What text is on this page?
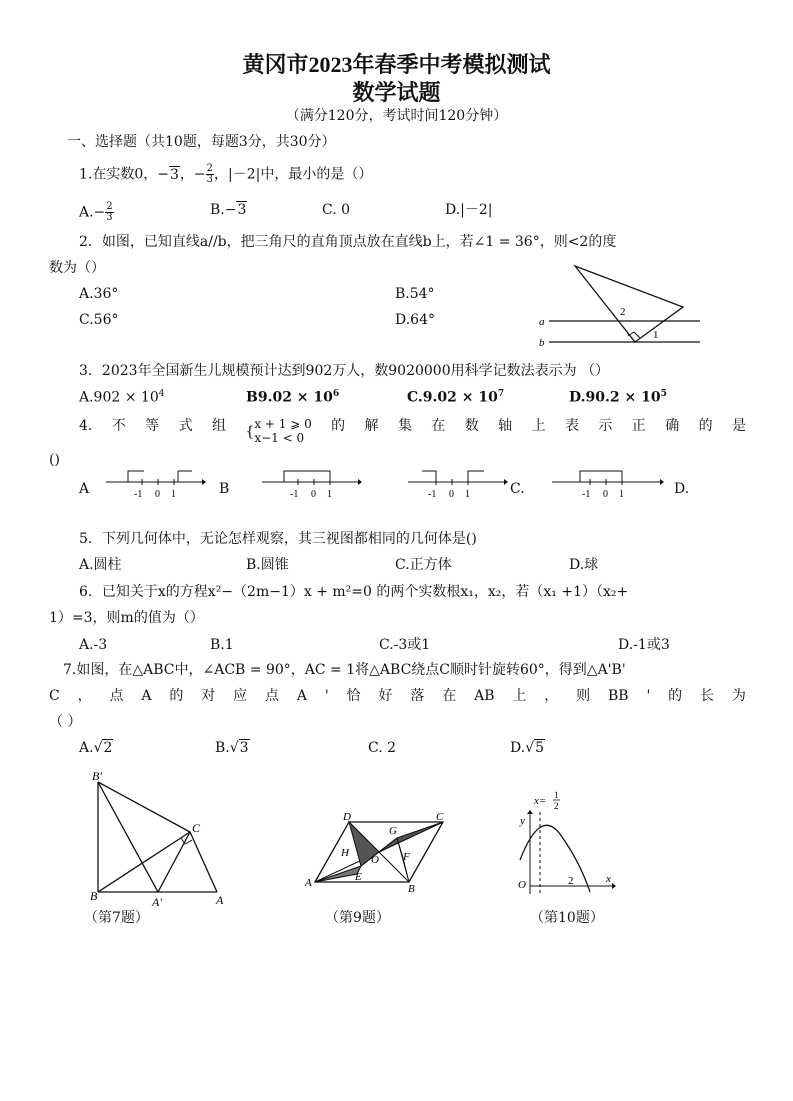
黄冈市2023年春季中考模拟测试
数学试题
（满分120分，考试时间120分钟）
一、选择题（共10题，每题3分，共30分）
1.在实数0，−3，− $\frac{2}{3}$ ，|－2|中，最小的是（）
$A.- \frac{2}{3}$	B.−3	C. 0	D.|－2|
2．如图，已知直线a//b，把三角尺的直角顶点放在直线b上，若∠1 = 36°，则<2的度
数为（）
A.36°	B.54°
C.56°	D.64°	a
b
1
2
3．2023年全国新生儿规模预计达到902万人，数9020000用科学记数法表示为 （）
$A.902 \times 10^4$	$B9.02 \times 10^6$	$C.9.02 \times 10^7$	$D.90.2 \times 10^5$
4. 不 等 式 组 { x + 1 ⩾ 0
x−1 < 0
的 解 集 在 数 轴 上 表 示 正 确 的 是
()
A	-1 0 1	B	-1 0 1	-1 0 1	C.	-1 0 1	D.
5．下列几何体中，无论怎样观察，其三视图都相同的几何体是()
A.圆柱	B.圆锥	C.正方体	D.球
6．已知关于x的方程x²−（2m−1）x + m²=0 的两个实数根x₁，x₂，若（x₁ +1）（x₂+
1）=3，则m的值为（）
A.-3	B.1	C.-3或1	D.-1或3
7.如图，在△ABC中，∠ACB = 90°，AC = 1将△ABC绕点C顺时针旋转60°，得到△A'B'
C ， 点 A 的 对 应 点 A ' 恰 好 落 在 AB 上 ， 则 BB ' 的 长 为
（ ）
A.√2	B.√3	C. 2	D.√5
B'
C
B	A'	A
（第7题）
D
G
C
H
O F
A	E
B
（第9题）
x= 1
2
y
O	2	x
（第10题）
